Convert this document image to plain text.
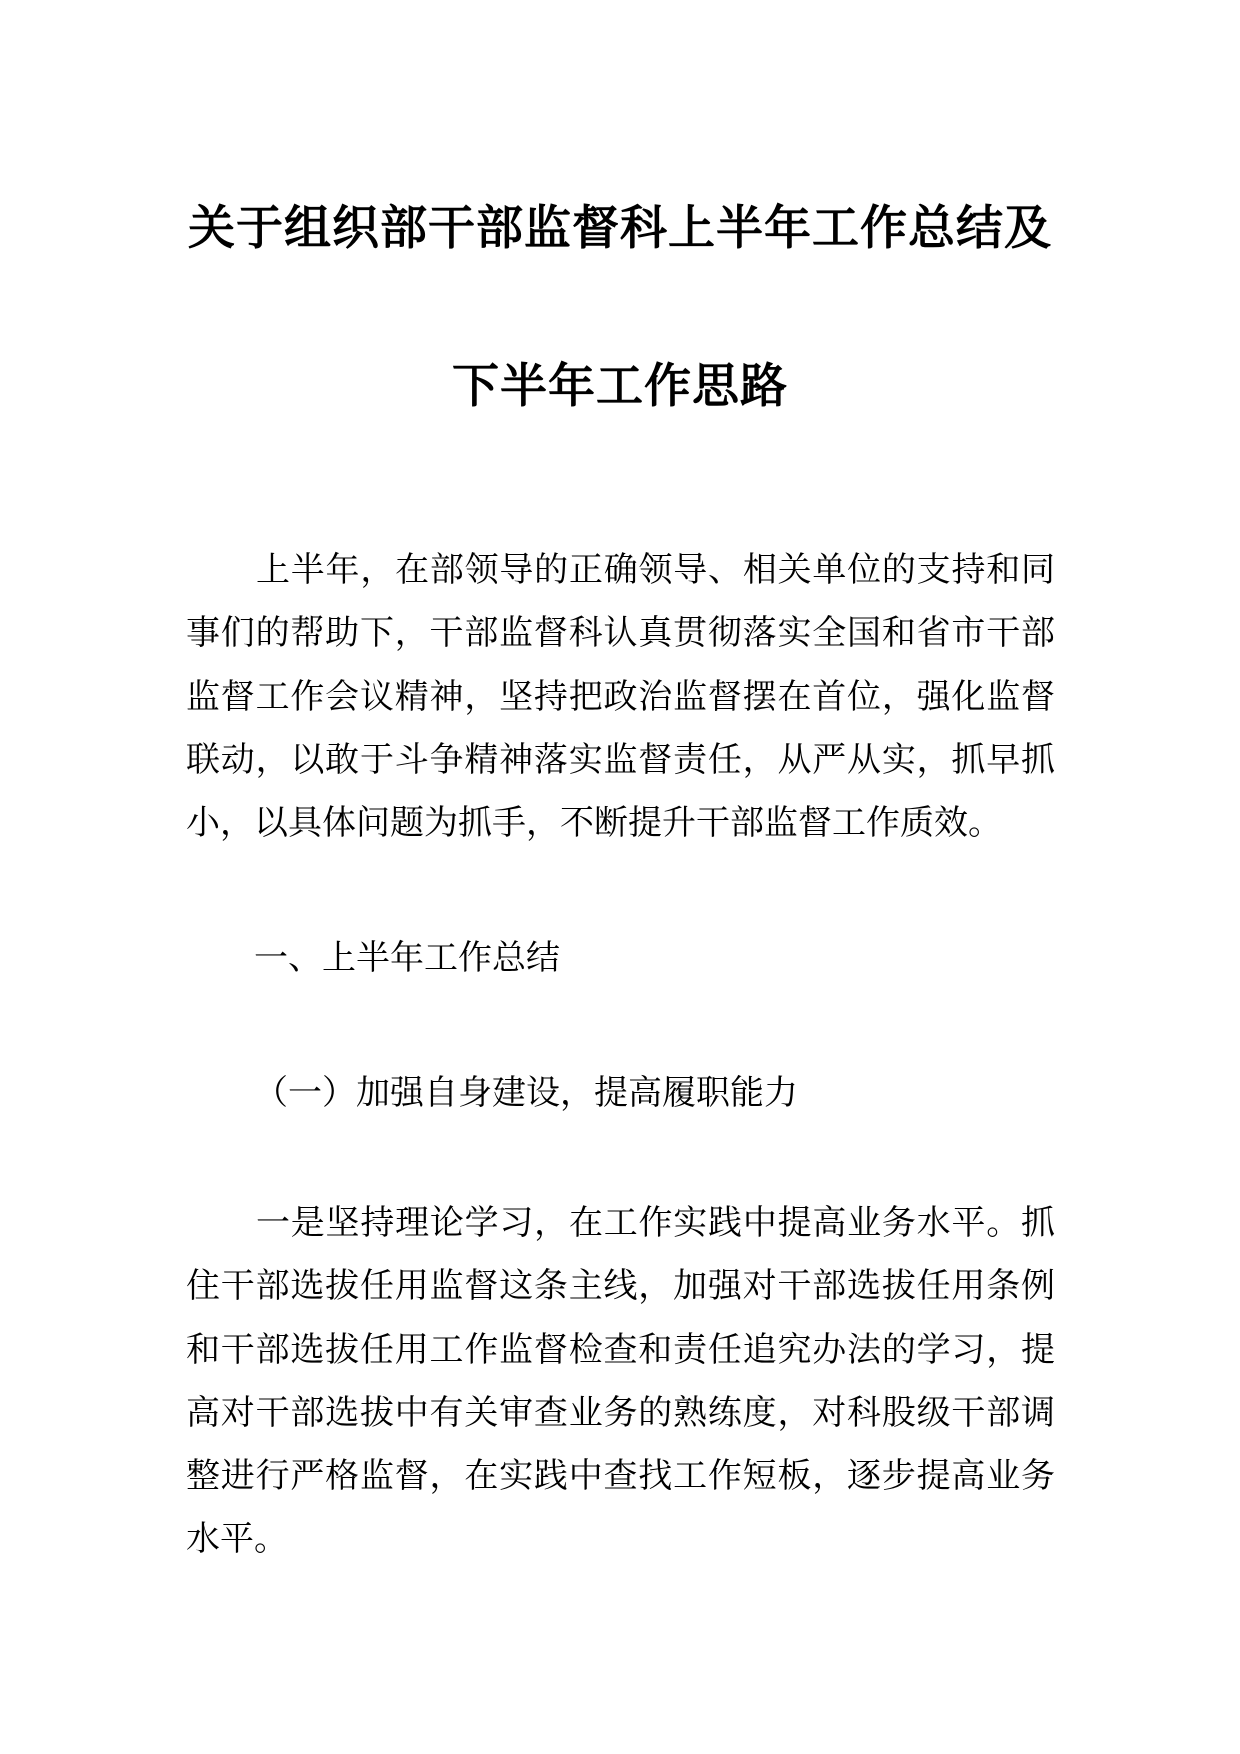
关于组织部干部监督科上半年工作总结及
下半年工作思路
上半年，在部领导的正确领导、相关单位的支持和同
事们的帮助下，干部监督科认真贯彻落实全国和省市干部
监督工作会议精神，坚持把政治监督摆在首位，强化监督
联动，以敢于斗争精神落实监督责任，从严从实，抓早抓
小，以具体问题为抓手，不断提升干部监督工作质效。
一、上半年工作总结
（一）加强自身建设，提高履职能力
一是坚持理论学习，在工作实践中提高业务水平。抓
住干部选拔任用监督这条主线，加强对干部选拔任用条例
和干部选拔任用工作监督检查和责任追究办法的学习，提
高对干部选拔中有关审查业务的熟练度，对科股级干部调
整进行严格监督，在实践中查找工作短板，逐步提高业务
水平。
